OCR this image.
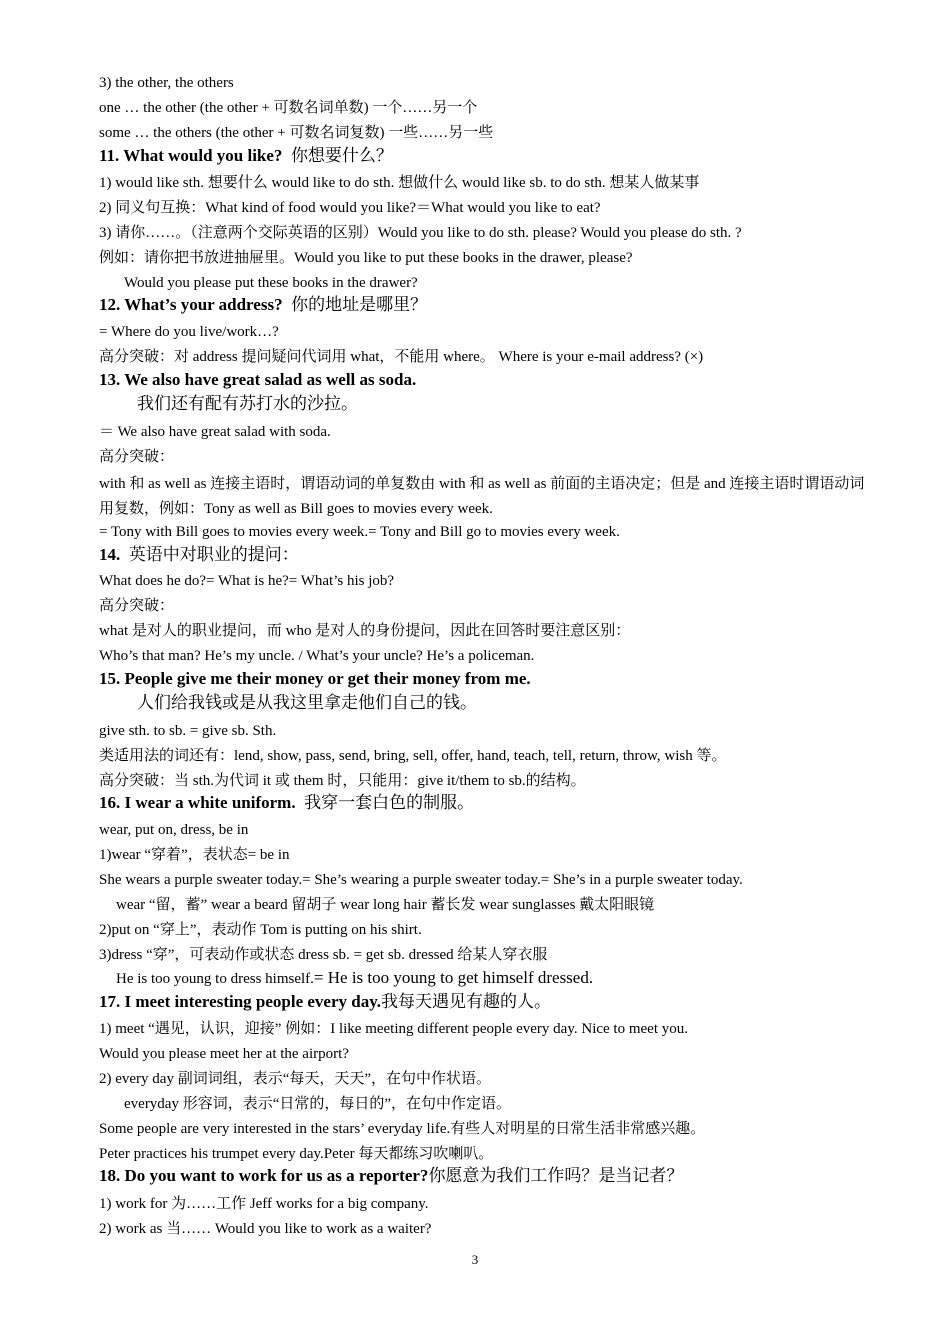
3) the other, the others
one … the other (the other + 可数名词单数) 一个……另一个
some … the others (the other + 可数名词复数) 一些……另一些
11. What would you like? 你想要什么？
1) would like sth. 想要什么 would like to do sth. 想做什么 would like sb. to do sth. 想某人做某事
2) 同义句互换：What kind of food would you like?＝What would you like to eat?
3) 请你……。（注意两个交际英语的区别）Would you like to do sth. please? Would you please do sth. ?
例如：请你把书放进抽屉里。Would you like to put these books in the drawer, please?
Would you please put these books in the drawer?
12. What’s your address? 你的地址是哪里？
= Where do you live/work…?
高分突破：对 address 提问疑问代词用 what，不能用 where。 Where is your e-mail address? (×)
13. We also have great salad as well as soda.
我们还有配有苏打水的沙拉。
＝ We also have great salad with soda.
高分突破：
with 和 as well as 连接主语时，谓语动词的单复数由 with 和 as well as 前面的主语决定；但是 and 连接主语时谓语动词用复数，例如：Tony as well as Bill goes to movies every week.
= Tony with Bill goes to movies every week.= Tony and Bill go to movies every week.
14. 英语中对职业的提问：
What does he do?= What is he?= What’s his job?
高分突破：
what 是对人的职业提问，而 who 是对人的身份提问，因此在回答时要注意区别：
Who’s that man? He’s my uncle. / What’s your uncle? He’s a policeman.
15. People give me their money or get their money from me.
人们给我钱或是从我这里拿走他们自己的钱。
give sth. to sb. = give sb. Sth.
类适用法的词还有：lend, show, pass, send, bring, sell, offer, hand, teach, tell, return, throw, wish 等。
高分突破：当 sth.为代词 it 或 them 时，只能用：give it/them to sb.的结构。
16. I wear a white uniform. 我穿一套白色的制服。
wear, put on, dress, be in
1)wear “穿着”，表状态= be in
She wears a purple sweater today.= She’s wearing a purple sweater today.= She’s in a purple sweater today.
wear “留，蓄” wear a beard 留胡子 wear long hair 蓄长发 wear sunglasses 戴太阳眼镜
2)put on “穿上”，表动作 Tom is putting on his shirt.
3)dress “穿”，可表动作或状态 dress sb. = get sb. dressed 给某人穿衣服
He is too young to dress himself.= He is too young to get himself dressed.
17. I meet interesting people every day.我每天遇见有趣的人。
1) meet “遇见，认识，迎接” 例如：I like meeting different people every day. Nice to meet you.
Would you please meet her at the airport?
2) every day 副词词组，表示“每天，天天”，在句中作状语。
everyday 形容词，表示“日常的，每日的”，在句中作定语。
Some people are very interested in the stars’ everyday life.有些人对明星的日常生活非常感兴趣。
Peter practices his trumpet every day.Peter 每天都练习吹喇叭。
18. Do you want to work for us as a reporter?你愿意为我们工作吗？是当记者？
1) work for 为……工作 Jeff works for a big company.
2) work as 当…… Would you like to work as a waiter?
3
